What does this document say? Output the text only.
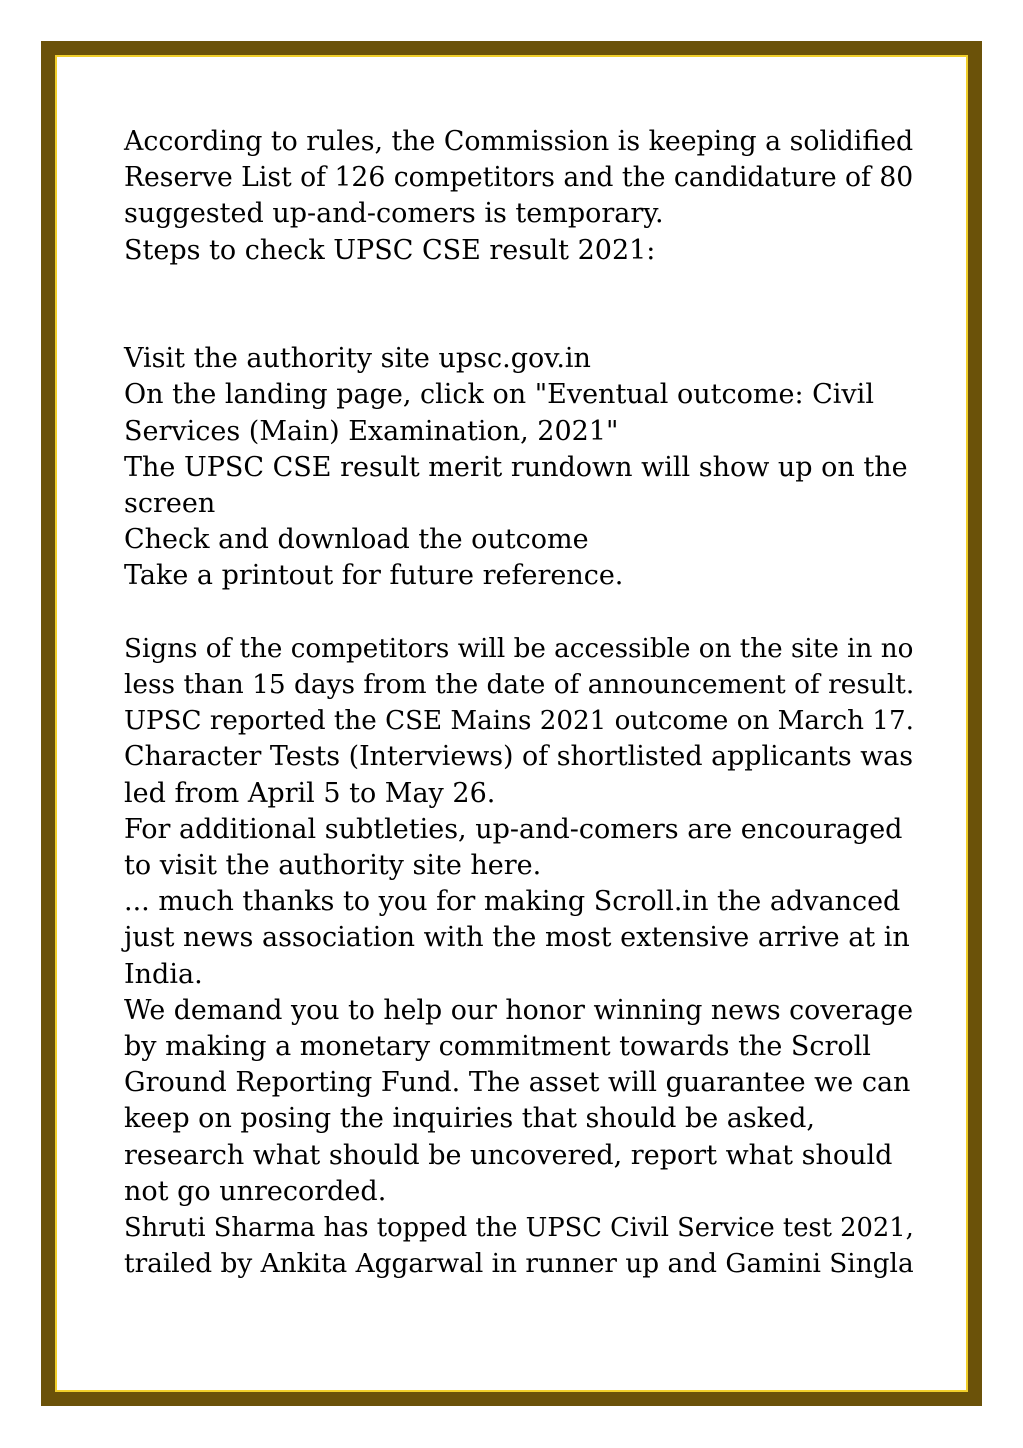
According to rules, the Commission is keeping a solidified

Reserve List of 126 competitors and the candidature of 80

suggested up-and-comers is temporary.

Steps to check UPSC CSE result 2021:

Visit the authority site upsc.gov.in

On the landing page, click on "Eventual outcome: Civil

Services (Main) Examination, 2021"

The UPSC CSE result merit rundown will show up on the

screen

Check and download the outcome

Take a printout for future reference.

Signs of the competitors will be accessible on the site in no

less than 15 days from the date of announcement of result.

UPSC reported the CSE Mains 2021 outcome on March 17.

Character Tests (Interviews) of shortlisted applicants was

led from April 5 to May 26.

For additional subtleties, up-and-comers are encouraged

to visit the authority site here.

... much thanks to you for making Scroll.in the advanced

just news association with the most extensive arrive at in

India.

We demand you to help our honor winning news coverage

by making a monetary commitment towards the Scroll

Ground Reporting Fund. The asset will guarantee we can

keep on posing the inquiries that should be asked,

research what should be uncovered, report what should

not go unrecorded.

Shruti Sharma has topped the UPSC Civil Service test 2021,

trailed by Ankita Aggarwal in runner up and Gamini Singla
